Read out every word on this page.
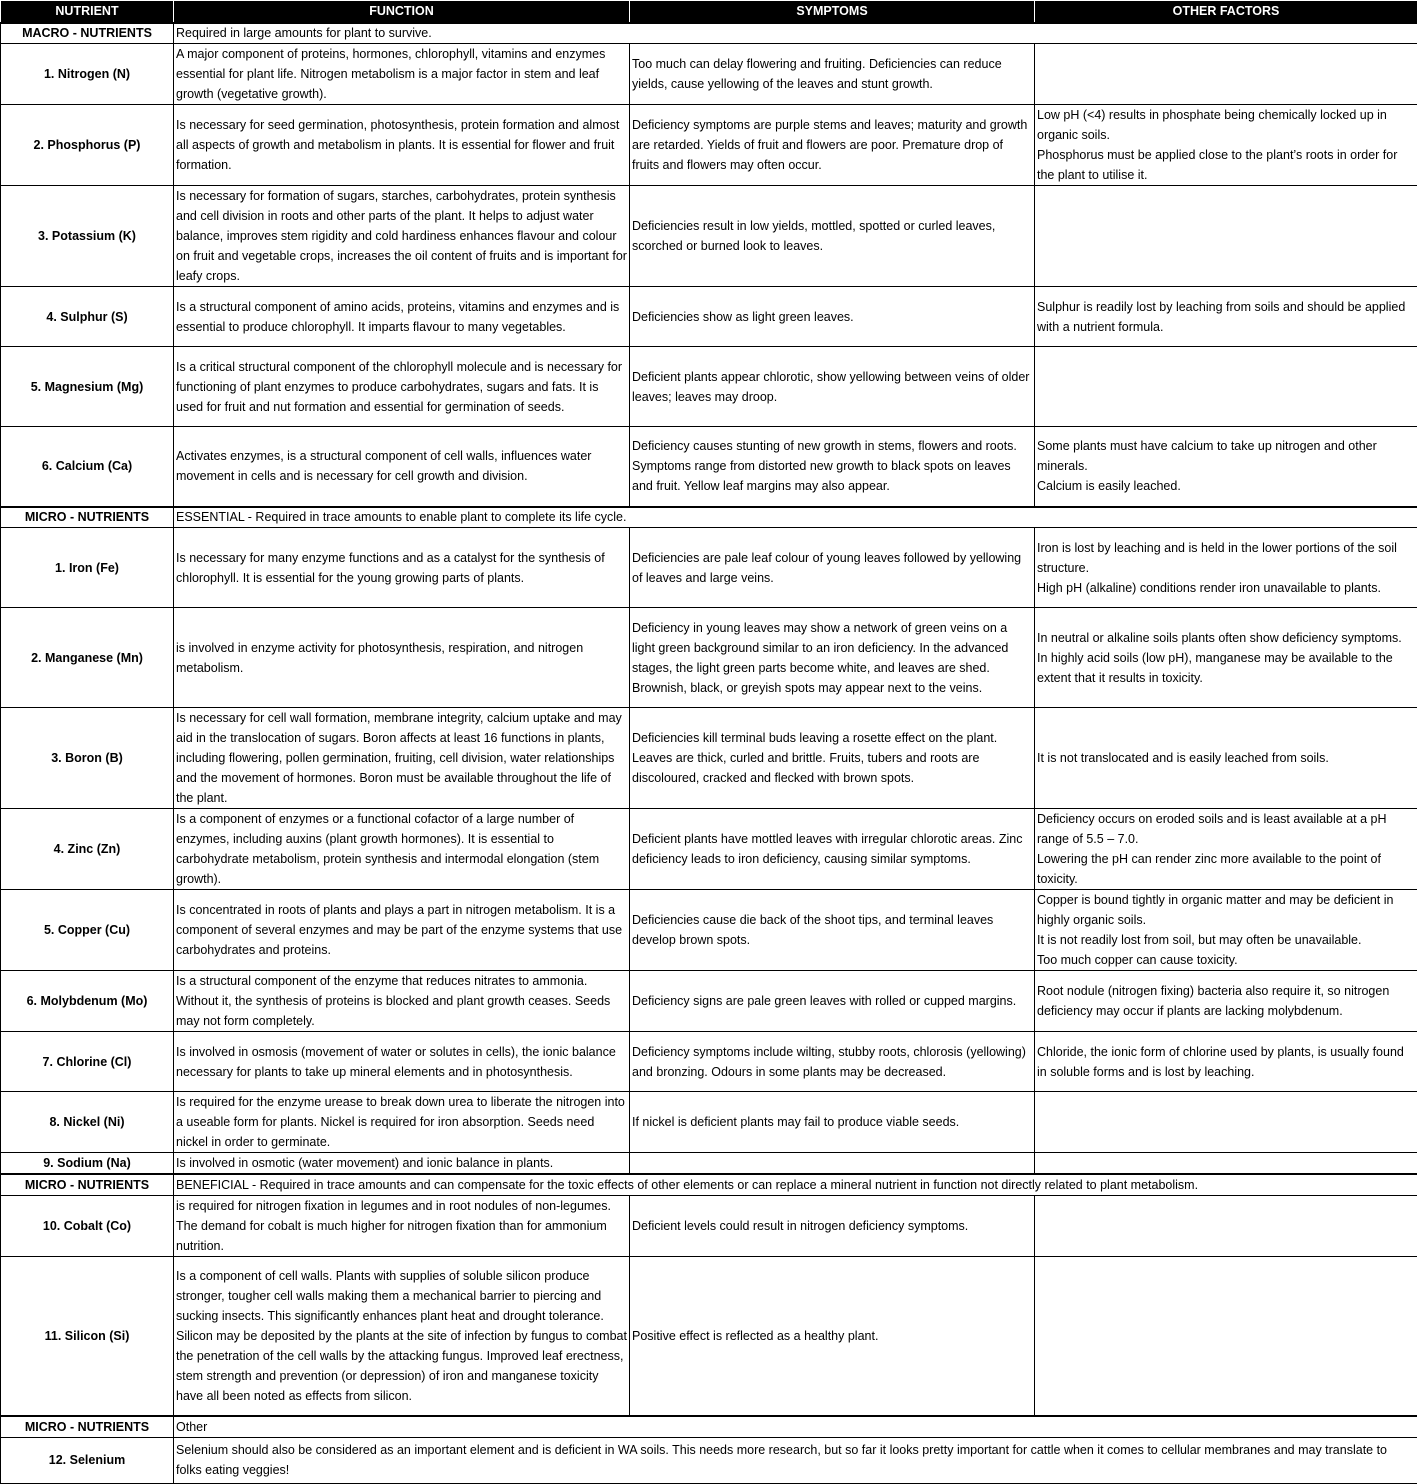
NUTRIENT	FUNCTION	SYMPTOMS	OTHER FACTORS
MACRO - NUTRIENTS	Required in large amounts for plant to survive.		
1. Nitrogen (N)	A major component of proteins, hormones, chlorophyll, vitamins and enzymes essential for plant life. Nitrogen metabolism is a major factor in stem and leaf growth (vegetative growth).	Too much can delay flowering and fruiting. Deficiencies can reduce yields, cause yellowing of the leaves and stunt growth.	
2. Phosphorus (P)	Is necessary for seed germination, photosynthesis, protein formation and almost all aspects of growth and metabolism in plants. It is essential for flower and fruit formation.	Deficiency symptoms are purple stems and leaves; maturity and growth are retarded. Yields of fruit and flowers are poor. Premature drop of fruits and flowers may often occur.	Low pH (<4) results in phosphate being chemically locked up in organic soils.
Phosphorus must be applied close to the plant’s roots in order for the plant to utilise it.

3. Potassium (K)	Is necessary for formation of sugars, starches, carbohydrates, protein synthesis and cell division in roots and other parts of the plant. It helps to adjust water balance, improves stem rigidity and cold hardiness enhances flavour and colour on fruit and vegetable crops, increases the oil content of fruits and is important for leafy crops.	Deficiencies result in low yields, mottled, spotted or curled leaves, scorched or burned look to leaves.	
4. Sulphur (S)	Is a structural component of amino acids, proteins, vitamins and enzymes and is essential to produce chlorophyll. It imparts flavour to many vegetables.	Deficiencies show as light green leaves.	Sulphur is readily lost by leaching from soils and should be applied with a nutrient formula.

5. Magnesium (Mg)	Is a critical structural component of the chlorophyll molecule and is necessary for functioning of plant enzymes to produce carbohydrates, sugars and fats. It is used for fruit and nut formation and essential for germination of seeds.	Deficient plants appear chlorotic, show yellowing between veins of older leaves; leaves may droop.	
6. Calcium (Ca)	Activates enzymes, is a structural component of cell walls, influences water movement in cells and is necessary for cell growth and division.	Deficiency causes stunting of new growth in stems, flowers and roots. Symptoms range from distorted new growth to black spots on leaves and fruit. Yellow leaf margins may also appear.	Some plants must have calcium to take up nitrogen and other minerals.
Calcium is easily leached.

MICRO - NUTRIENTS	ESSENTIAL - Required in trace amounts to enable plant to complete its life cycle.		
1. Iron (Fe)	Is necessary for many enzyme functions and as a catalyst for the synthesis of chlorophyll. It is essential for the young growing parts of plants.	Deficiencies are pale leaf colour of young leaves followed by yellowing of leaves and large veins.	Iron is lost by leaching and is held in the lower portions of the soil structure.
High pH (alkaline) conditions render iron unavailable to plants.

2. Manganese (Mn)	is involved in enzyme activity for photosynthesis, respiration, and nitrogen metabolism.	Deficiency in young leaves may show a network of green veins on a light green background similar to an iron deficiency. In the advanced stages, the light green parts become white, and leaves are shed. Brownish, black, or greyish spots may appear next to the veins.	In neutral or alkaline soils plants often show deficiency symptoms.
In highly acid soils (low pH), manganese may be available to the extent that it results in toxicity.

3. Boron (B)	Is necessary for cell wall formation, membrane integrity, calcium uptake and may aid in the translocation of sugars. Boron affects at least 16 functions in plants, including flowering, pollen germination, fruiting, cell division, water relationships and the movement of hormones. Boron must be available throughout the life of the plant.	Deficiencies kill terminal buds leaving a rosette effect on the plant. Leaves are thick, curled and brittle. Fruits, tubers and roots are discoloured, cracked and flecked with brown spots.	It is not translocated and is easily leached from soils.

4. Zinc (Zn)	Is a component of enzymes or a functional cofactor of a large number of enzymes, including auxins (plant growth hormones). It is essential to carbohydrate metabolism, protein synthesis and intermodal elongation (stem growth).	Deficient plants have mottled leaves with irregular chlorotic areas. Zinc deficiency leads to iron deficiency, causing similar symptoms.	Deficiency occurs on eroded soils and is least available at a pH range of 5.5 – 7.0.
Lowering the pH can render zinc more available to the point of toxicity.

5. Copper (Cu)	Is concentrated in roots of plants and plays a part in nitrogen metabolism. It is a component of several enzymes and may be part of the enzyme systems that use carbohydrates and proteins.	Deficiencies cause die back of the shoot tips, and terminal leaves develop brown spots.	Copper is bound tightly in organic matter and may be deficient in highly organic soils.
It is not readily lost from soil, but may often be unavailable.
Too much copper can cause toxicity.

6. Molybdenum (Mo)	Is a structural component of the enzyme that reduces nitrates to ammonia. Without it, the synthesis of proteins is blocked and plant growth ceases. Seeds may not form completely.	Deficiency signs are pale green leaves with rolled or cupped margins.	Root nodule (nitrogen fixing) bacteria also require it, so nitrogen deficiency may occur if plants are lacking molybdenum.

7. Chlorine (Cl)	Is involved in osmosis (movement of water or solutes in cells), the ionic balance necessary for plants to take up mineral elements and in photosynthesis.	Deficiency symptoms include wilting, stubby roots, chlorosis (yellowing) and bronzing. Odours in some plants may be decreased.	Chloride, the ionic form of chlorine used by plants, is usually found in soluble forms and is lost by leaching.

8. Nickel (Ni)	Is required for the enzyme urease to break down urea to liberate the nitrogen into a useable form for plants. Nickel is required for iron absorption. Seeds need nickel in order to germinate.	If nickel is deficient plants may fail to produce viable seeds.	
9. Sodium (Na)	Is involved in osmotic (water movement) and ionic balance in plants.		
MICRO - NUTRIENTS	BENEFICIAL - Required in trace amounts and can compensate for the toxic effects of other elements or can replace a mineral nutrient in function not directly related to plant metabolism.		
10. Cobalt (Co)	is required for nitrogen fixation in legumes and in root nodules of non-legumes. The demand for cobalt is much higher for nitrogen fixation than for ammonium nutrition.	Deficient levels could result in nitrogen deficiency symptoms.	
11. Silicon (Si)	Is a component of cell walls. Plants with supplies of soluble silicon produce stronger, tougher cell walls making them a mechanical barrier to piercing and sucking insects. This significantly enhances plant heat and drought tolerance. Silicon may be deposited by the plants at the site of infection by fungus to combat the penetration of the cell walls by the attacking fungus. Improved leaf erectness, stem strength and prevention (or depression) of iron and manganese toxicity have all been noted as effects from silicon.	Positive effect is reflected as a healthy plant.	
MICRO - NUTRIENTS	Other		
12. Selenium	Selenium should also be considered as an important element and is deficient in WA soils. This needs more research, but so far it looks pretty important for cattle when it comes to cellular membranes and may translate to folks eating veggies!		
